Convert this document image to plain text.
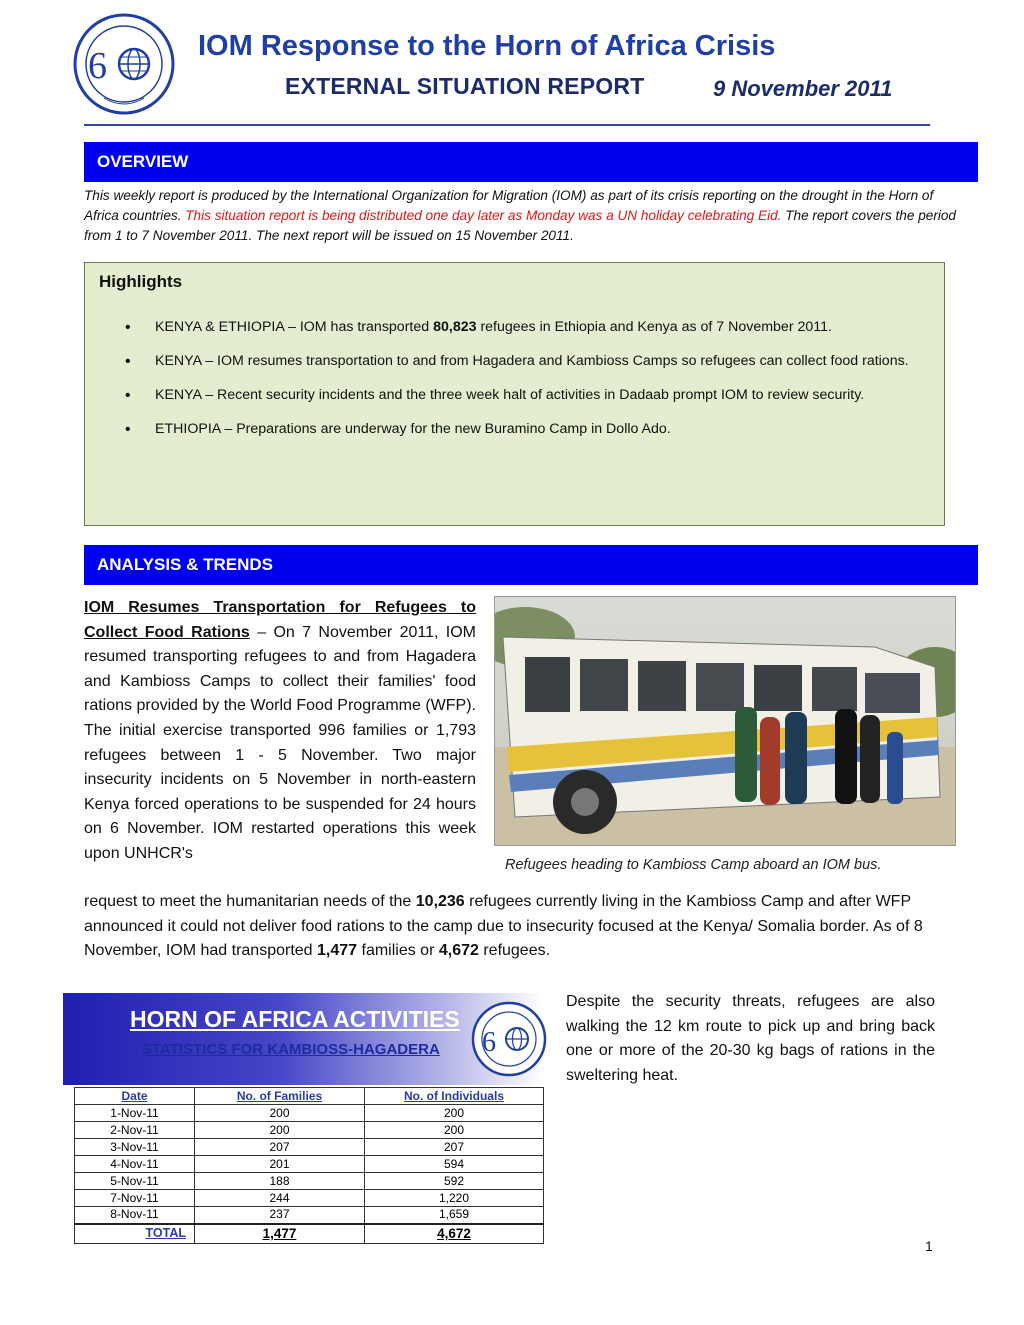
6	IOM Response to the Horn of Africa Crisis
EXTERNAL SITUATION REPORT	9 November 2011
OVERVIEW

This weekly report is produced by the International Organization for Migration (IOM) as part of its crisis reporting on the drought in the Horn of Africa countries. This situation report is being distributed one day later as Monday was a UN holiday celebrating Eid. The report covers the period from 1 to 7 November 2011. The next report will be issued on 15 November 2011.

Highlights
• KENYA & ETHIOPIA – IOM has transported 80,823 refugees in Ethiopia and Kenya as of 7 November 2011.
• KENYA – IOM resumes transportation to and from Hagadera and Kambioss Camps so refugees can collect food rations.
• KENYA – Recent security incidents and the three week halt of activities in Dadaab prompt IOM to review security.
• ETHIOPIA – Preparations are underway for the new Buramino Camp in Dollo Ado.
ANALYSIS & TRENDS

IOM Resumes Transportation for Refugees to Collect Food Rations – On 7 November 2011, IOM resumed transporting refugees to and from Hagadera and Kambioss Camps to collect their families' food rations provided by the World Food Programme (WFP). The initial exercise transported 996 families or 1,793 refugees between 1 - 5 November. Two major insecurity incidents on 5 November in north-eastern Kenya forced operations to be suspended for 24 hours on 6 November. IOM restarted operations this week upon UNHCR's

Refugees heading to Kambioss Camp aboard an IOM bus.

request to meet the humanitarian needs of the 10,236 refugees currently living in the Kambioss Camp and after WFP announced it could not deliver food rations to the camp due to insecurity focused at the Kenya/ Somalia border. As of 8 November, IOM had transported 1,477 families or 4,672 refugees.

HORN OF AFRICA ACTIVITIES
STATISTICS FOR KAMBIOSS-HAGADERA 6
Date	No. of Families	No. of Individuals
1-Nov-11	200	200
2-Nov-11	200	200
3-Nov-11	207	207
4-Nov-11	201	594
5-Nov-11	188	592
7-Nov-11	244	1,220
8-Nov-11	237	1,659
TOTAL	1,477	4,672

Despite the security threats, refugees are also walking the 12 km route to pick up and bring back one or more of the 20-30 kg bags of rations in the sweltering heat.

1
